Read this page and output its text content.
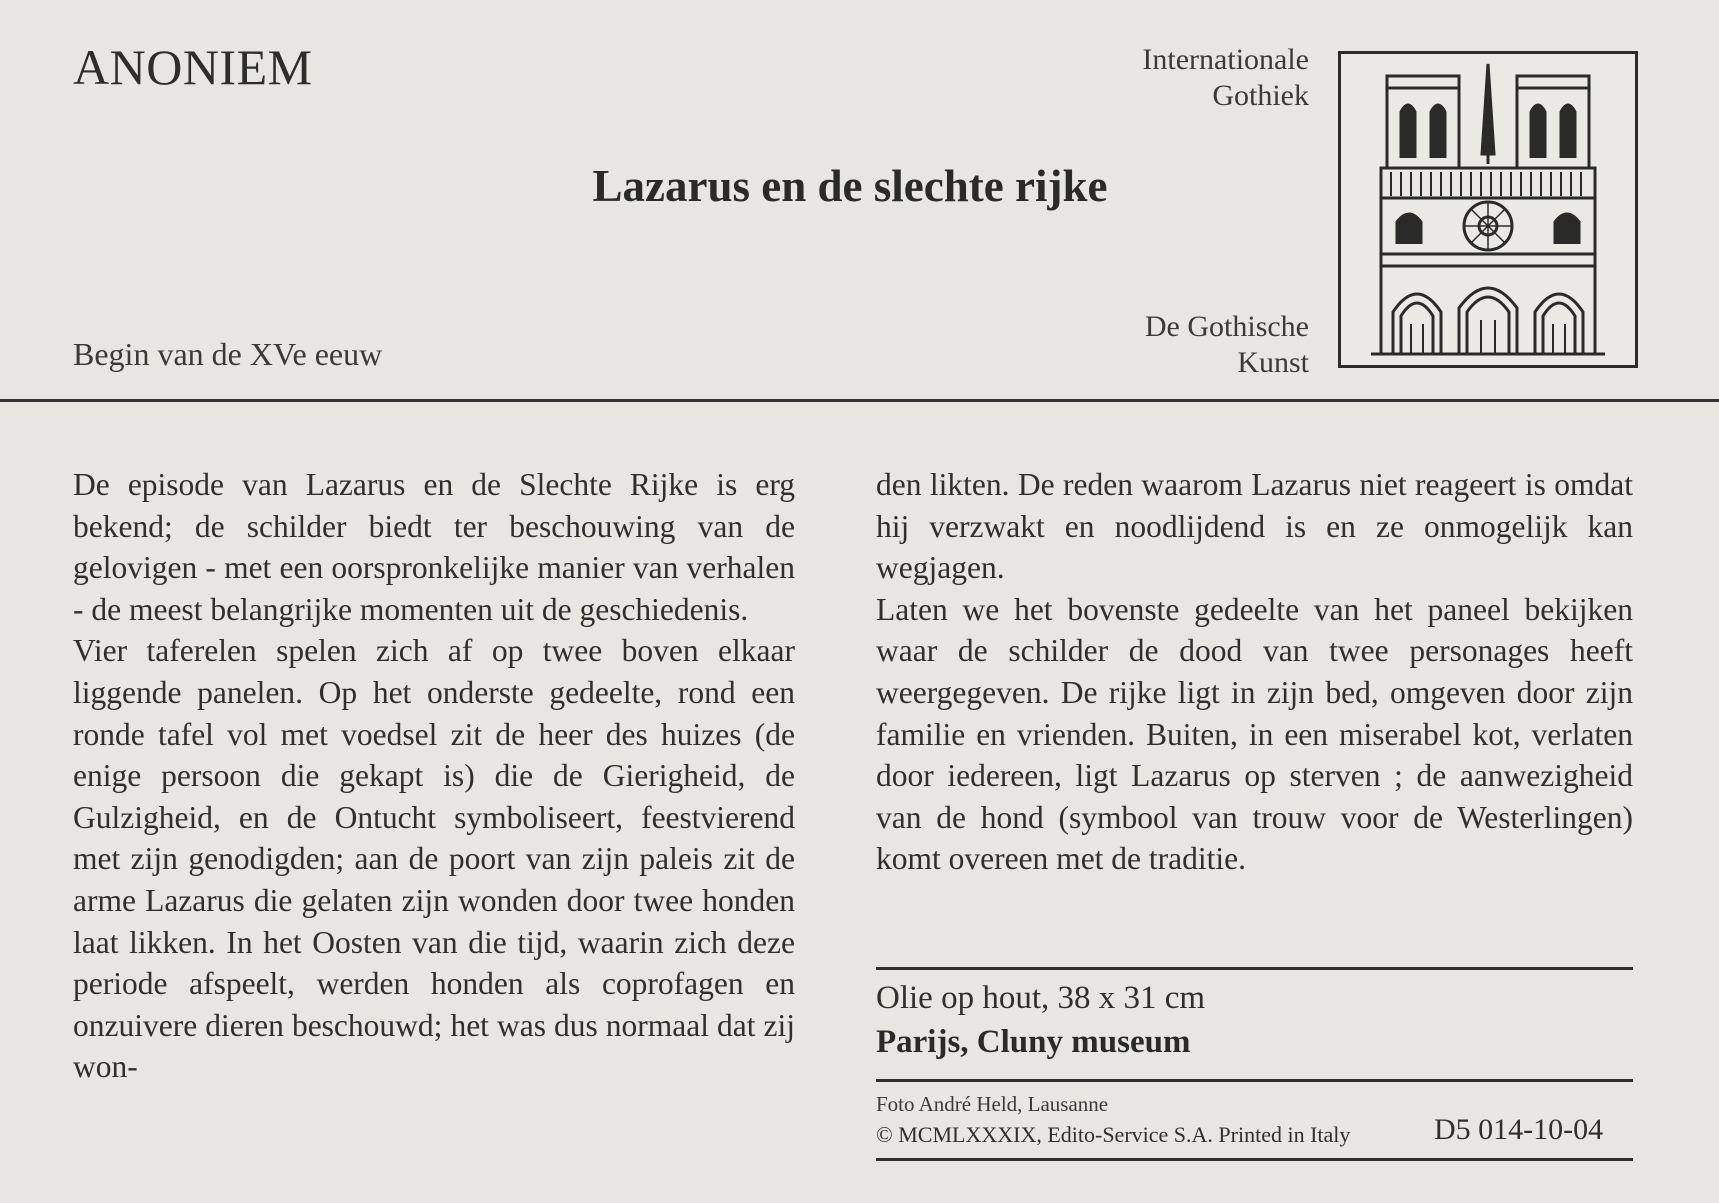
ANONIEM
Lazarus en de slechte rijke
Begin van de XVe eeuw
Internationale
Gothiek
De Gothische
Kunst

De episode van Lazarus en de Slechte Rijke is erg bekend; de schilder biedt ter beschouwing van de gelovigen - met een oorspronkelijke manier van verhalen - de meest belangrijke momenten uit de geschiedenis.

Vier taferelen spelen zich af op twee boven elkaar liggende panelen. Op het onderste gedeelte, rond een ronde tafel vol met voedsel zit de heer des huizes (de enige persoon die gekapt is) die de Gierigheid, de Gulzigheid, en de Ontucht symboliseert, feestvierend met zijn genodigden; aan de poort van zijn paleis zit de arme Lazarus die gelaten zijn wonden door twee honden laat likken. In het Oosten van die tijd, waarin zich deze periode afspeelt, werden honden als coprofagen en onzuivere dieren beschouwd; het was dus normaal dat zij won-

den likten. De reden waarom Lazarus niet reageert is omdat hij verzwakt en noodlijdend is en ze onmogelijk kan wegjagen.

Laten we het bovenste gedeelte van het paneel bekijken waar de schilder de dood van twee personages heeft weergegeven. De rijke ligt in zijn bed, omgeven door zijn familie en vrienden. Buiten, in een miserabel kot, verlaten door iedereen, ligt Lazarus op sterven ; de aanwezigheid van de hond (symbool van trouw voor de Westerlingen) komt overeen met de traditie.

Olie op hout, 38 x 31 cm
Parijs, Cluny museum
Foto André Held, Lausanne
© MCMLXXXIX, Edito-Service S.A. Printed in Italy	D5 014-10-04
